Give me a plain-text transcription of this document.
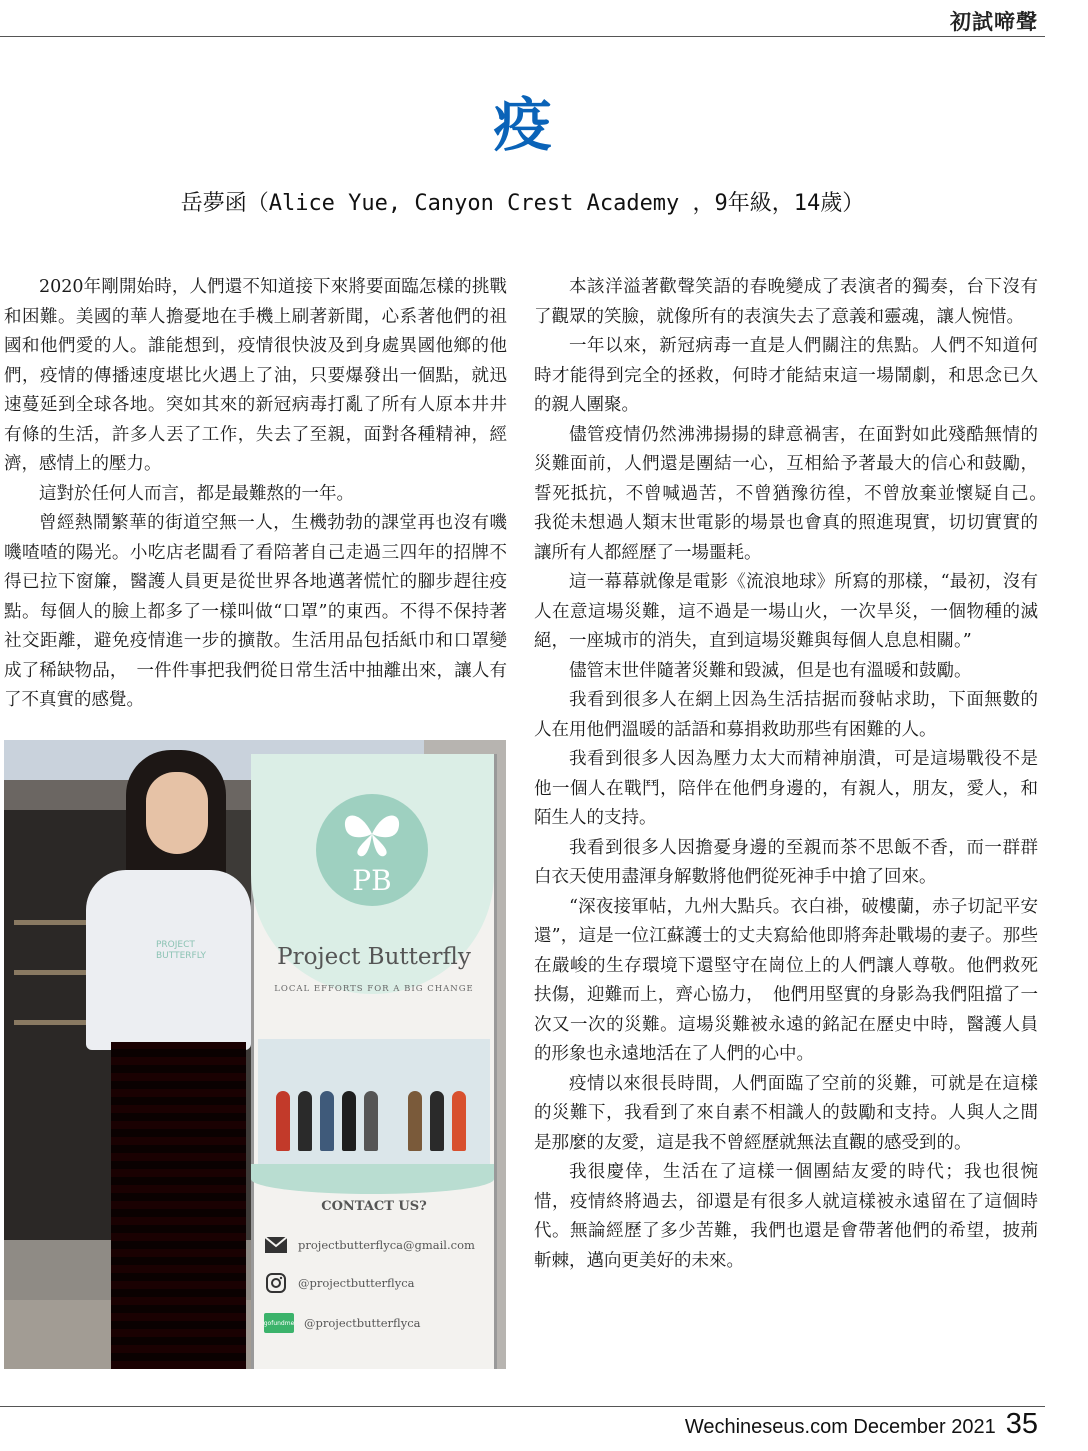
初試啼聲
疫
岳夢函（Alice Yue, Canyon Crest Academy ，9年級，14歲）

2020年剛開始時，人們還不知道接下來將要面臨怎樣的挑戰和困難。美國的華人擔憂地在手機上刷著新聞，心系著他們的祖國和他們愛的人。誰能想到，疫情很快波及到身處異國他鄉的他們，疫情的傳播速度堪比火遇上了油，只要爆發出一個點，就迅速蔓延到全球各地。突如其來的新冠病毒打亂了所有人原本井井有條的生活，許多人丟了工作，失去了至親，面對各種精神，經濟，感情上的壓力。

這對於任何人而言，都是最難熬的一年。

曾經熱鬧繁華的街道空無一人，生機勃勃的課堂再也沒有嘰嘰喳喳的陽光。小吃店老闆看了看陪著自己走過三四年的招牌不得已拉下窗簾，醫護人員更是從世界各地邁著慌忙的腳步趕往疫點。每個人的臉上都多了一樣叫做“口罩”的東西。不得不保持著社交距離，避免疫情進一步的擴散。生活用品包括紙巾和口罩變成了稀缺物品，　一件件事把我們從日常生活中抽離出來，讓人有了不真實的感覺。

PROJECT BUTTERFLY
PB
Project Butterfly
LOCAL EFFORTS FOR A BIG CHANGE
CONTACT US?
projectbutterflyca@gmail.com
@projectbutterflyca
gofundme @projectbutterflyca

本該洋溢著歡聲笑語的春晚變成了表演者的獨奏，台下沒有了觀眾的笑臉，就像所有的表演失去了意義和靈魂，讓人惋惜。

一年以來，新冠病毒一直是人們關注的焦點。人們不知道何時才能得到完全的拯救，何時才能結束這一場鬧劇，和思念已久的親人團聚。

儘管疫情仍然沸沸揚揚的肆意禍害，在面對如此殘酷無情的災難面前，人們還是團結一心，互相給予著最大的信心和鼓勵，誓死抵抗，不曾喊過苦，不曾猶豫彷徨，不曾放棄並懷疑自己。　我從未想過人類末世電影的場景也會真的照進現實，切切實實的讓所有人都經歷了一場噩耗。

這一幕幕就像是電影《流浪地球》所寫的那樣，“最初，沒有人在意這場災難，這不過是一場山火，一次旱災，一個物種的滅絕，一座城市的消失，直到這場災難與每個人息息相關。”

儘管末世伴隨著災難和毀滅，但是也有溫暖和鼓勵。

我看到很多人在網上因為生活拮据而發帖求助，下面無數的人在用他們溫暖的話語和募捐救助那些有困難的人。

我看到很多人因為壓力太大而精神崩潰，可是這場戰役不是他一個人在戰鬥，陪伴在他們身邊的，有親人，朋友，愛人，和陌生人的支持。

我看到很多人因擔憂身邊的至親而茶不思飯不香，而一群群白衣天使用盡渾身解數將他們從死神手中搶了回來。

“深夜接軍帖，九州大點兵。衣白褂，破樓蘭，赤子切記平安還”，這是一位江蘇護士的丈夫寫給他即將奔赴戰場的妻子。那些在嚴峻的生存環境下還堅守在崗位上的人們讓人尊敬。他們救死扶傷，迎難而上，齊心協力，　他們用堅實的身影為我們阻擋了一次又一次的災難。這場災難被永遠的銘記在歷史中時，醫護人員的形象也永遠地活在了人們的心中。

疫情以來很長時間，人們面臨了空前的災難，可就是在這樣的災難下，我看到了來自素不相識人的鼓勵和支持。人與人之間是那麼的友愛，這是我不曾經歷就無法直觀的感受到的。

我很慶倖，生活在了這樣一個團結友愛的時代；我也很惋惜，疫情終將過去，卻還是有很多人就這樣被永遠留在了這個時代。無論經歷了多少苦難，我們也還是會帶著他們的希望，披荊斬棘，邁向更美好的未來。

Wechineseus.com
December 2021 35
